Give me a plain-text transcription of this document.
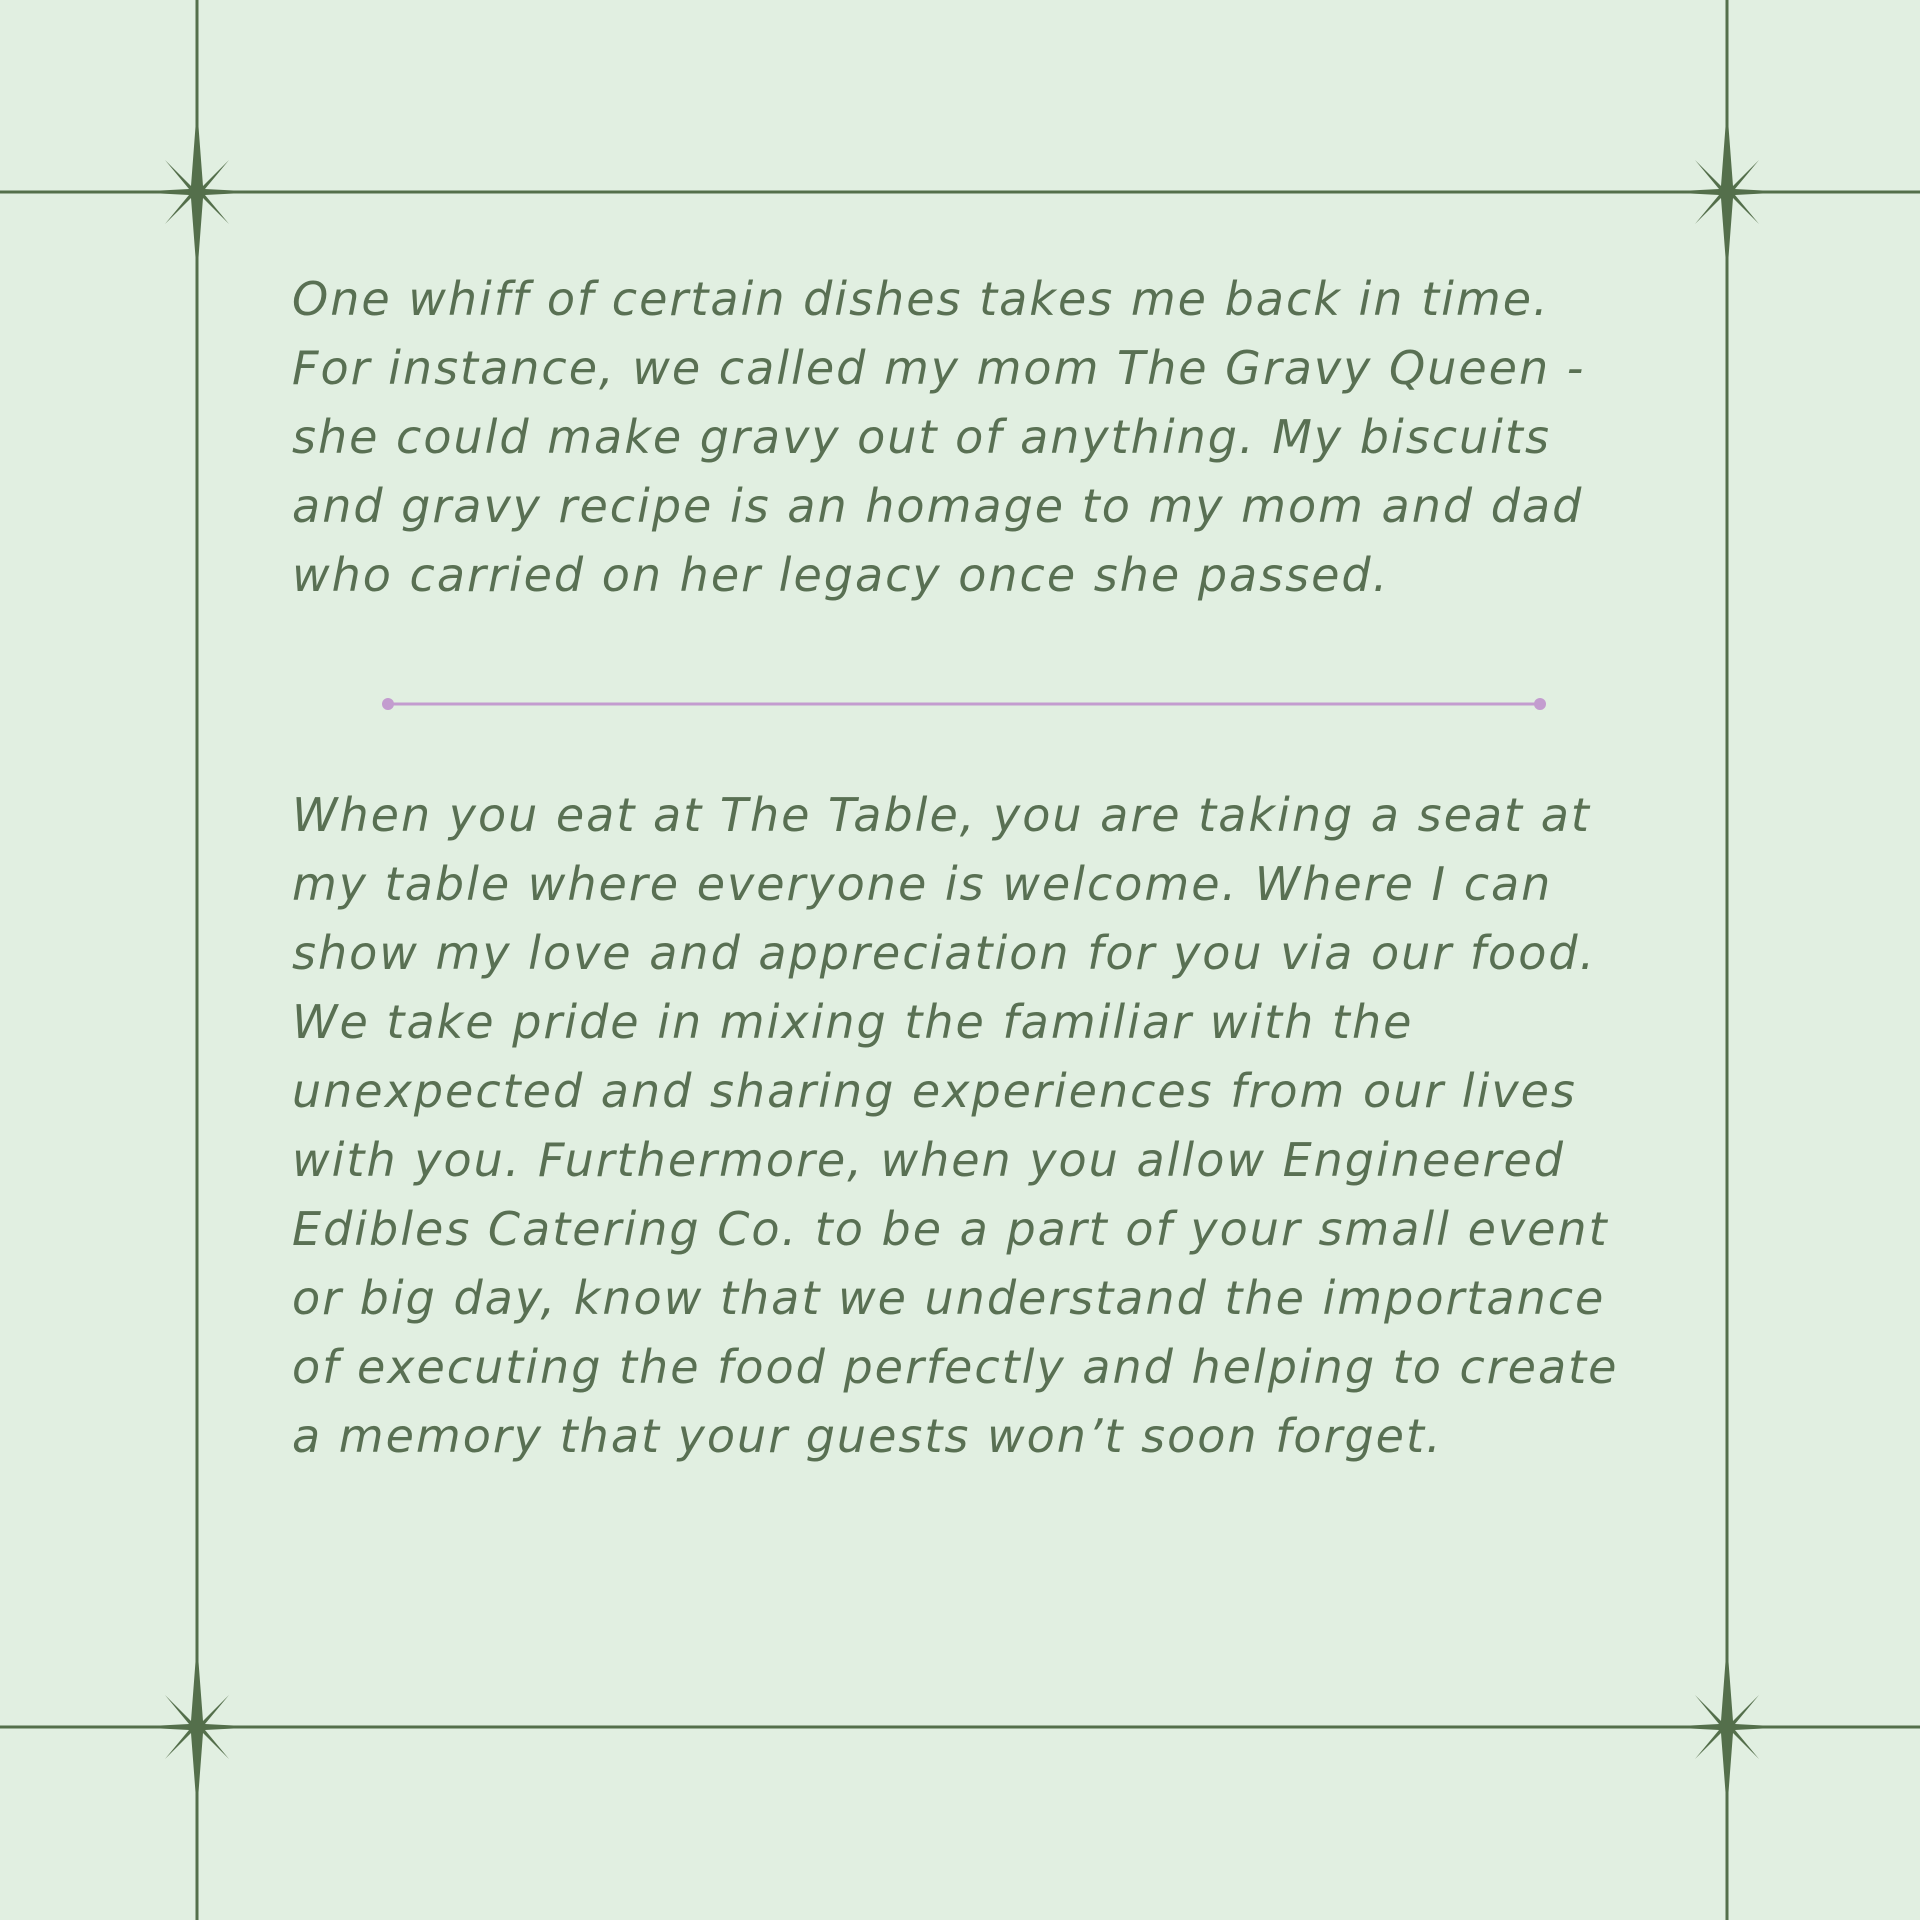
One whiff of certain dishes takes me back in time.
For instance, we called my mom The Gravy Queen -
she could make gravy out of anything. My biscuits
and gravy recipe is an homage to my mom and dad
who carried on her legacy once she passed.
When you eat at The Table, you are taking a seat at
my table where everyone is welcome. Where I can
show my love and appreciation for you via our food.
We take pride in mixing the familiar with the
unexpected and sharing experiences from our lives
with you. Furthermore, when you allow Engineered
Edibles Catering Co. to be a part of your small event
or big day, know that we understand the importance
of executing the food perfectly and helping to create
a memory that your guests won’t soon forget.
